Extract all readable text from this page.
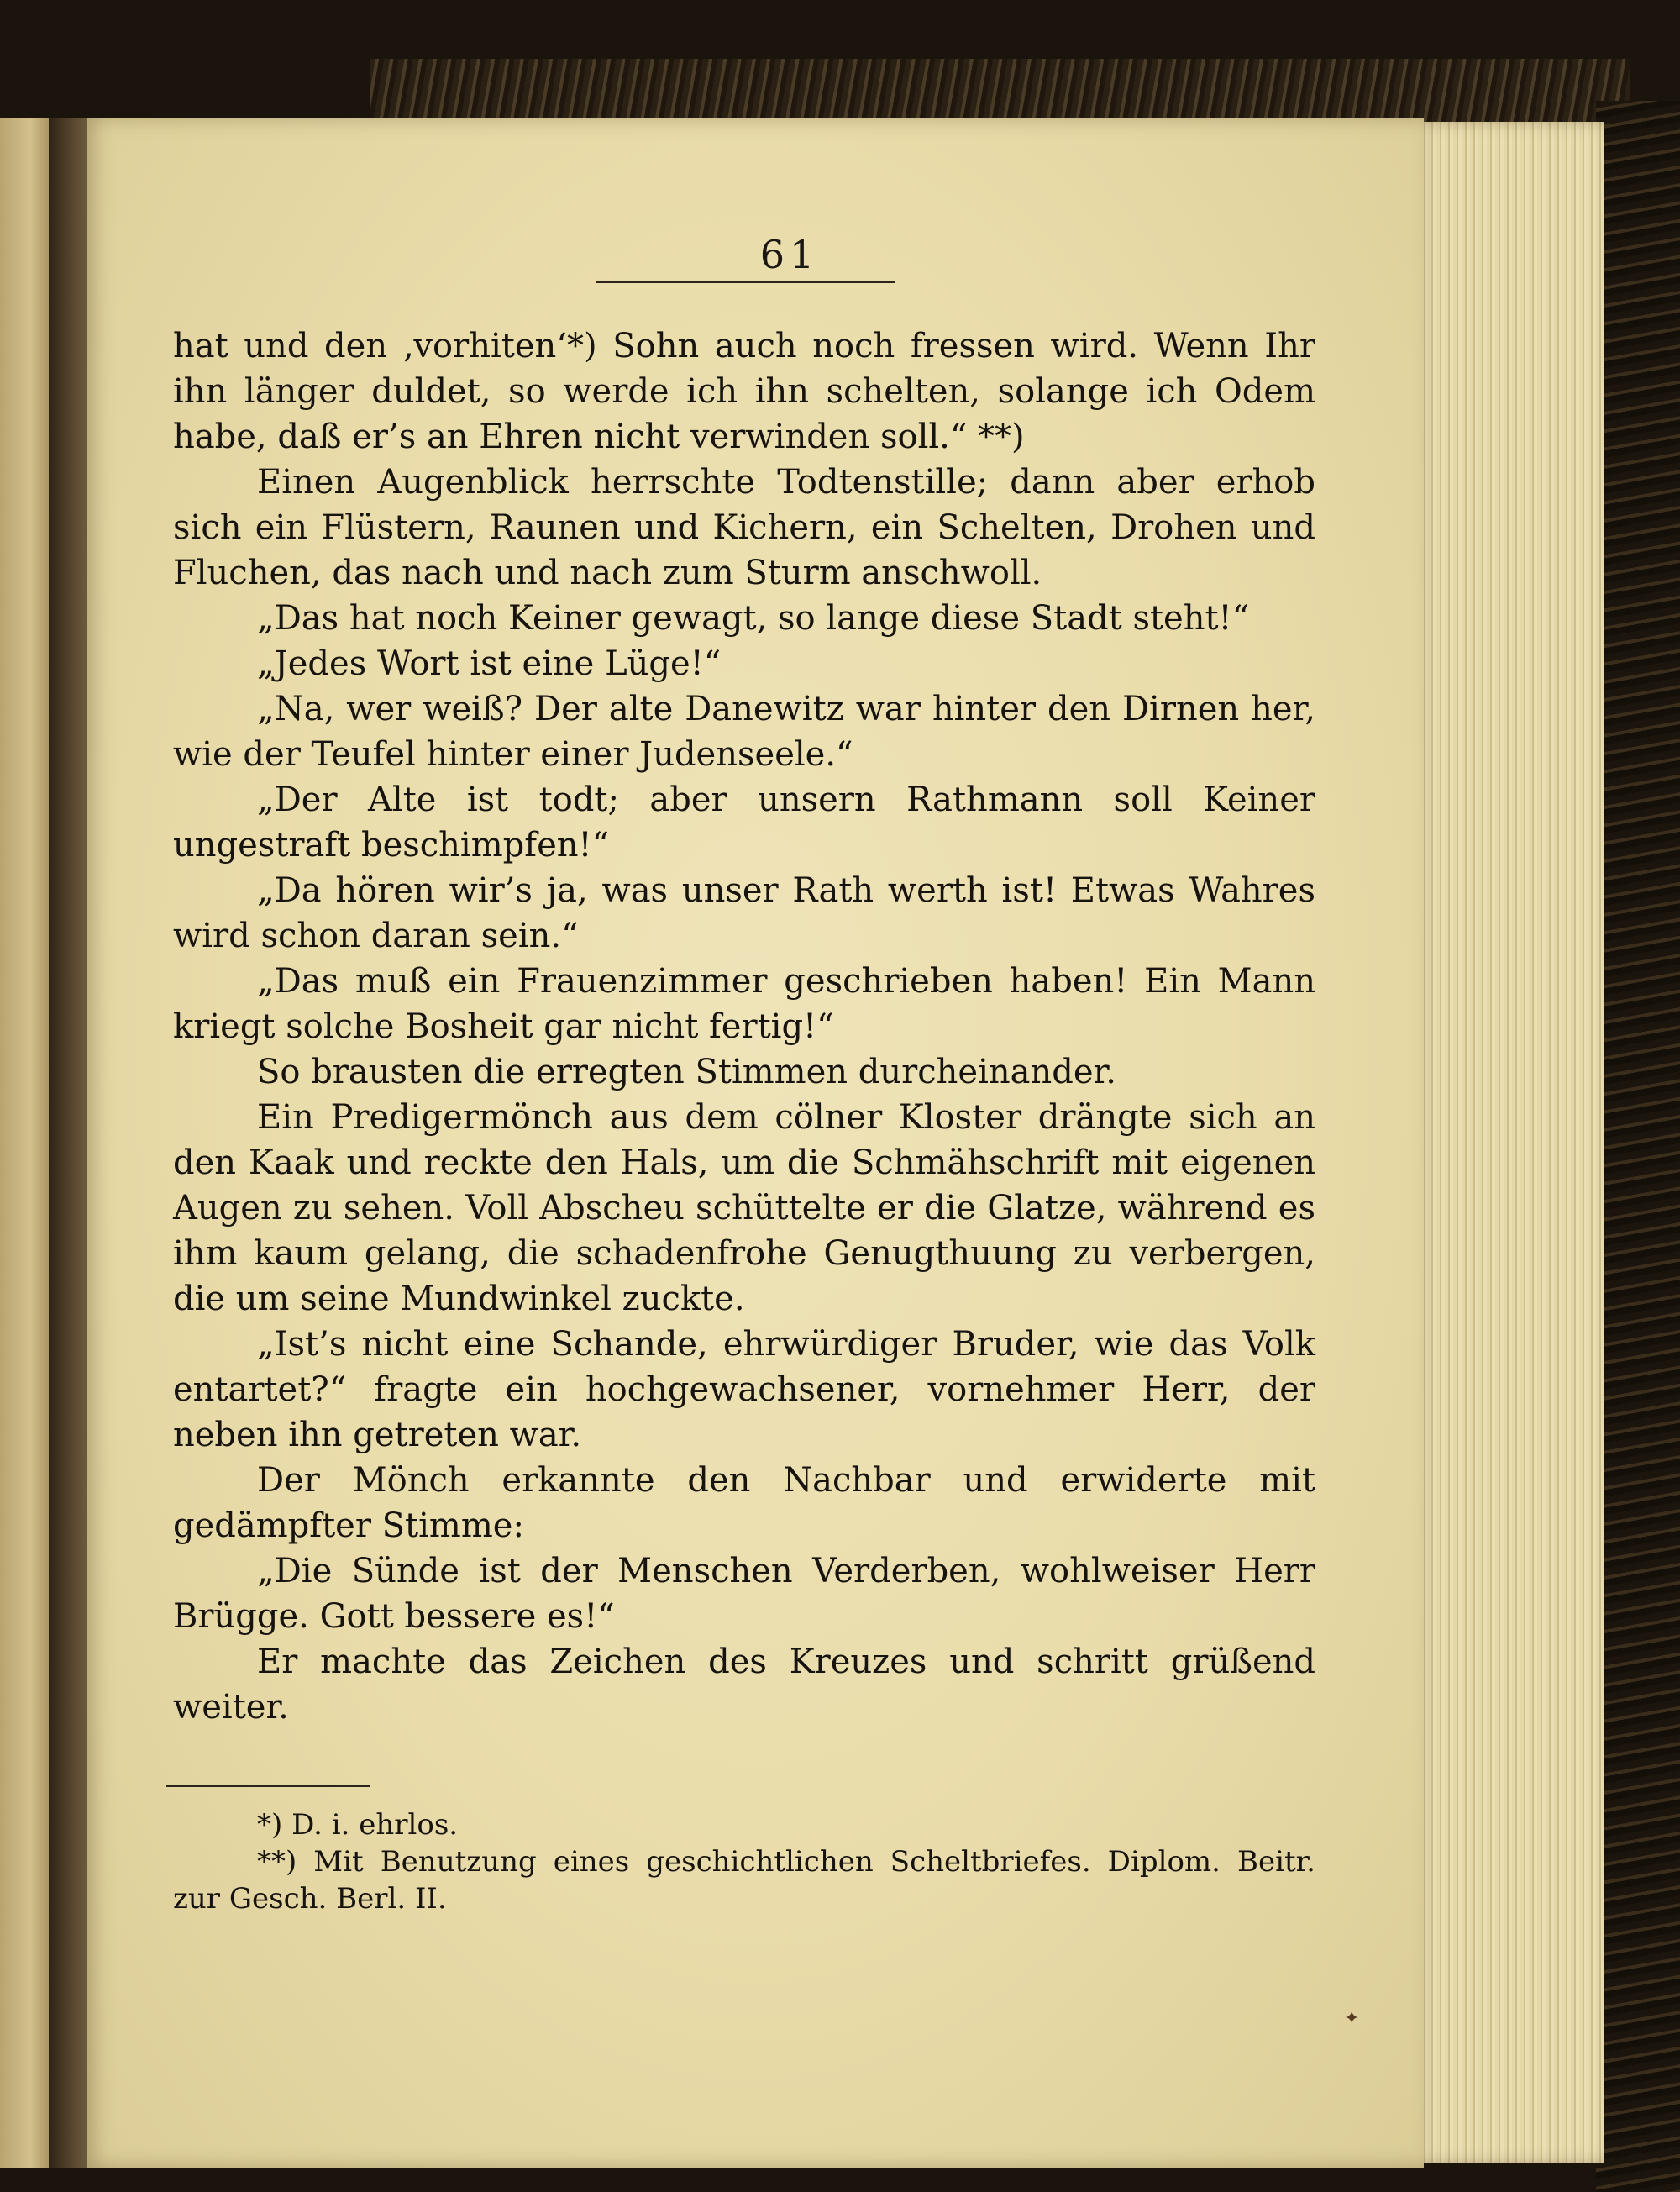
61

hat und den ‚vorhiten‘*) Sohn auch noch fressen wird. Wenn Ihr ihn länger duldet, so werde ich ihn schelten, solange ich Odem habe, daß er’s an Ehren nicht verwinden soll.“ **)

Einen Augenblick herrschte Todtenstille; dann aber erhob sich ein Flüstern, Raunen und Kichern, ein Schelten, Drohen und Fluchen, das nach und nach zum Sturm anschwoll.

„Das hat noch Keiner gewagt, so lange diese Stadt steht!“

„Jedes Wort ist eine Lüge!“

„Na, wer weiß? Der alte Danewitz war hinter den Dirnen her, wie der Teufel hinter einer Judenseele.“

„Der Alte ist todt; aber unsern Rathmann soll Keiner ungestraft beschimpfen!“

„Da hören wir’s ja, was unser Rath werth ist! Etwas Wahres wird schon daran sein.“

„Das muß ein Frauenzimmer geschrieben haben! Ein Mann kriegt solche Bosheit gar nicht fertig!“

So brausten die erregten Stimmen durcheinander.

Ein Predigermönch aus dem cölner Kloster drängte sich an den Kaak und reckte den Hals, um die Schmähschrift mit eigenen Augen zu sehen. Voll Abscheu schüttelte er die Glatze, während es ihm kaum gelang, die schadenfrohe Genugthuung zu verbergen, die um seine Mundwinkel zuckte.

„Ist’s nicht eine Schande, ehrwürdiger Bruder, wie das Volk entartet?“ fragte ein hochgewachsener, vornehmer Herr, der neben ihn getreten war.

Der Mönch erkannte den Nachbar und erwiderte mit gedämpfter Stimme:

„Die Sünde ist der Menschen Verderben, wohlweiser Herr Brügge. Gott bessere es!“

Er machte das Zeichen des Kreuzes und schritt grüßend weiter.

*) D. i. ehrlos.

**) Mit Benutzung eines geschichtlichen Scheltbriefes. Diplom. Beitr. zur Gesch. Berl. II.

✦
